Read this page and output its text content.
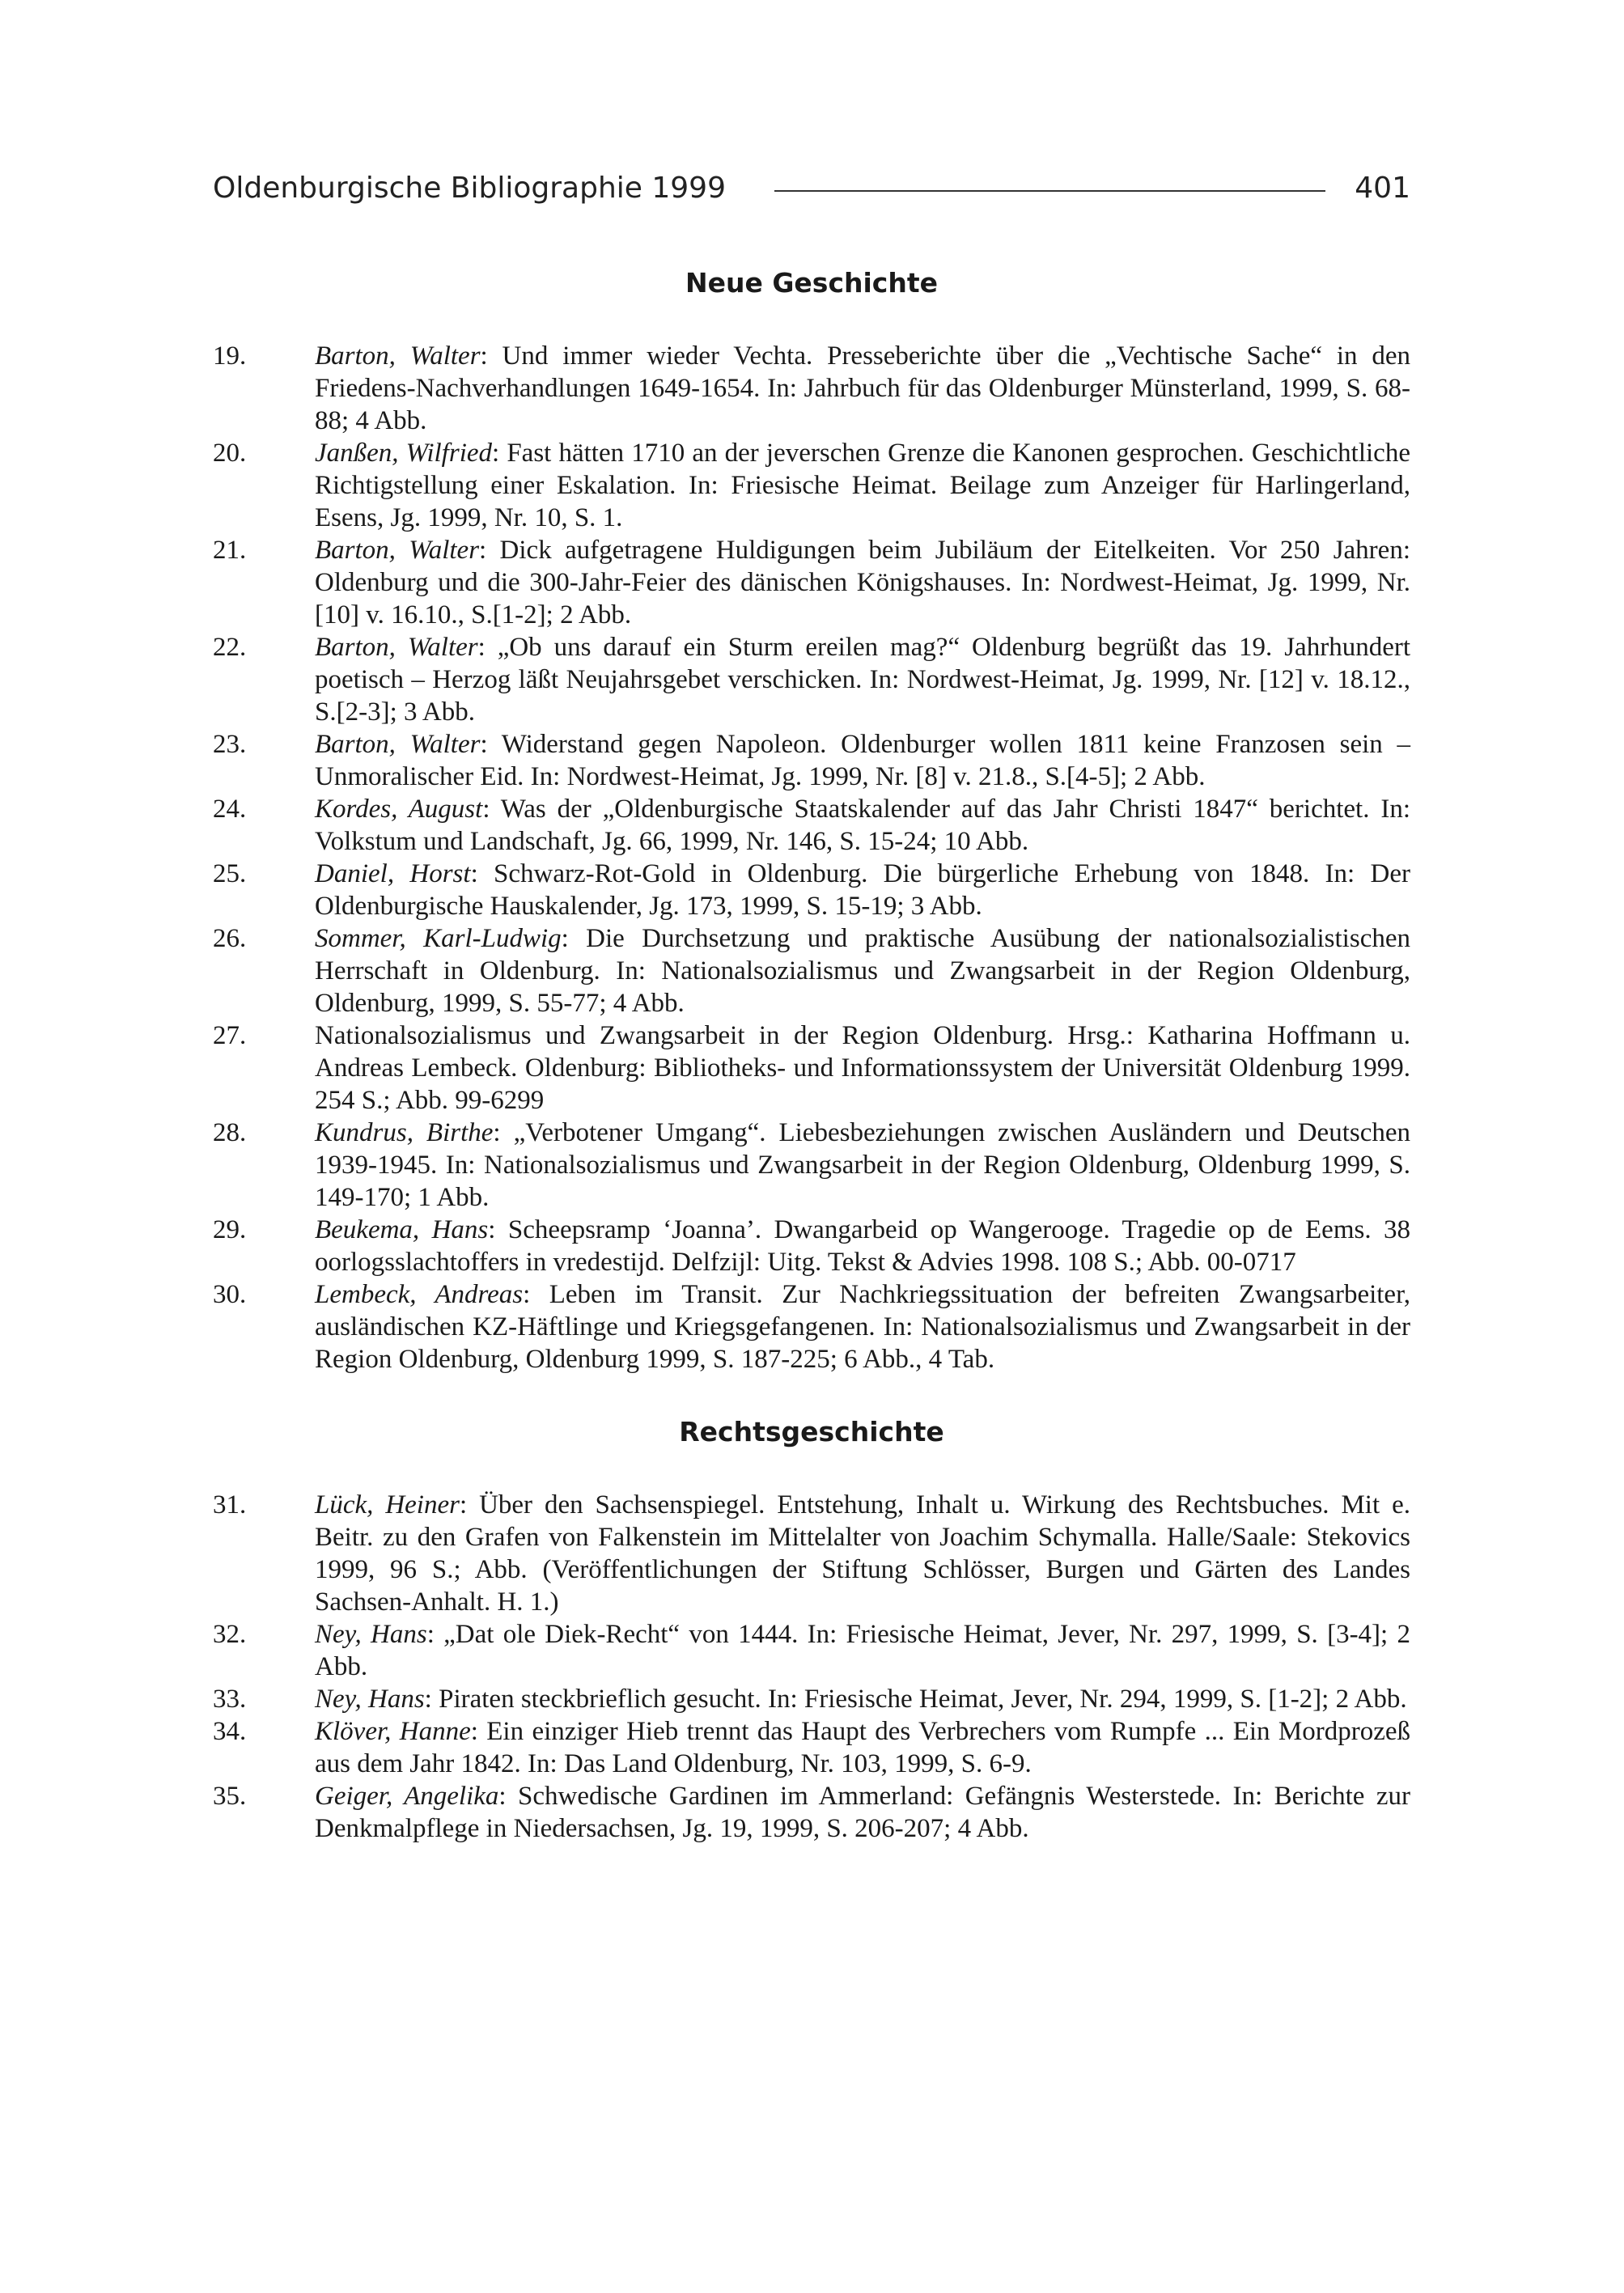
Oldenburgische Bibliographie 1999	401
Neue Geschichte
19.	Barton, Walter: Und immer wieder Vechta. Presseberichte über die „Vechtische Sache“ in den Friedens-Nachverhandlungen 1649-1654. In: Jahrbuch für das Oldenburger Münsterland, 1999, S. 68-88; 4 Abb.
20.	Janßen, Wilfried: Fast hätten 1710 an der jeverschen Grenze die Kanonen gesprochen. Geschichtliche Richtigstellung einer Eskalation. In: Friesische Heimat. Beilage zum Anzeiger für Harlingerland, Esens, Jg. 1999, Nr. 10, S. 1.
21.	Barton, Walter: Dick aufgetragene Huldigungen beim Jubiläum der Eitelkeiten. Vor 250 Jahren: Oldenburg und die 300-Jahr-Feier des dänischen Königshauses. In: Nordwest-Heimat, Jg. 1999, Nr. [10] v. 16.10., S.[1-2]; 2 Abb.
22.	Barton, Walter: „Ob uns darauf ein Sturm ereilen mag?“ Oldenburg begrüßt das 19. Jahrhundert poetisch – Herzog läßt Neujahrsgebet verschicken. In: Nordwest-Heimat, Jg. 1999, Nr. [12] v. 18.12., S.[2-3]; 3 Abb.
23.	Barton, Walter: Widerstand gegen Napoleon. Oldenburger wollen 1811 keine Franzosen sein – Unmoralischer Eid. In: Nordwest-Heimat, Jg. 1999, Nr. [8] v. 21.8., S.[4-5]; 2 Abb.
24.	Kordes, August: Was der „Oldenburgische Staatskalender auf das Jahr Christi 1847“ berichtet. In: Volkstum und Landschaft, Jg. 66, 1999, Nr. 146, S. 15-24; 10 Abb.
25.	Daniel, Horst: Schwarz-Rot-Gold in Oldenburg. Die bürgerliche Erhebung von 1848. In: Der Oldenburgische Hauskalender, Jg. 173, 1999, S. 15-19; 3 Abb.
26.	Sommer, Karl-Ludwig: Die Durchsetzung und praktische Ausübung der nationalsozialistischen Herrschaft in Oldenburg. In: Nationalsozialismus und Zwangsarbeit in der Region Oldenburg, Oldenburg, 1999, S. 55-77; 4 Abb.
27.	Nationalsozialismus und Zwangsarbeit in der Region Oldenburg. Hrsg.: Katharina Hoffmann u. Andreas Lembeck. Oldenburg: Bibliotheks- und Informationssystem der Universität Oldenburg 1999. 254 S.; Abb. 99-6299
28.	Kundrus, Birthe: „Verbotener Umgang“. Liebesbeziehungen zwischen Ausländern und Deutschen 1939-1945. In: Nationalsozialismus und Zwangsarbeit in der Region Oldenburg, Oldenburg 1999, S. 149-170; 1 Abb.
29.	Beukema, Hans: Scheepsramp ‘Joanna’. Dwangarbeid op Wangerooge. Tragedie op de Eems. 38 oorlogsslachtoffers in vredestijd. Delfzijl: Uitg. Tekst & Advies 1998. 108 S.; Abb. 00-0717
30.	Lembeck, Andreas: Leben im Transit. Zur Nachkriegssituation der befreiten Zwangsarbeiter, ausländischen KZ-Häftlinge und Kriegsgefangenen. In: Nationalsozialismus und Zwangsarbeit in der Region Oldenburg, Oldenburg 1999, S. 187-225; 6 Abb., 4 Tab.
Rechtsgeschichte
31.	Lück, Heiner: Über den Sachsenspiegel. Entstehung, Inhalt u. Wirkung des Rechtsbuches. Mit e. Beitr. zu den Grafen von Falkenstein im Mittelalter von Joachim Schymalla. Halle/Saale: Stekovics 1999, 96 S.; Abb. (Veröffentlichungen der Stiftung Schlösser, Burgen und Gärten des Landes Sachsen-Anhalt. H. 1.)
32.	Ney, Hans: „Dat ole Diek-Recht“ von 1444. In: Friesische Heimat, Jever, Nr. 297, 1999, S. [3-4]; 2 Abb.
33.	Ney, Hans: Piraten steckbrieflich gesucht. In: Friesische Heimat, Jever, Nr. 294, 1999, S. [1-2]; 2 Abb.
34.	Klöver, Hanne: Ein einziger Hieb trennt das Haupt des Verbrechers vom Rumpfe ... Ein Mordprozeß aus dem Jahr 1842. In: Das Land Oldenburg, Nr. 103, 1999, S. 6-9.
35.	Geiger, Angelika: Schwedische Gardinen im Ammerland: Gefängnis Westerstede. In: Berichte zur Denkmalpflege in Niedersachsen, Jg. 19, 1999, S. 206-207; 4 Abb.
